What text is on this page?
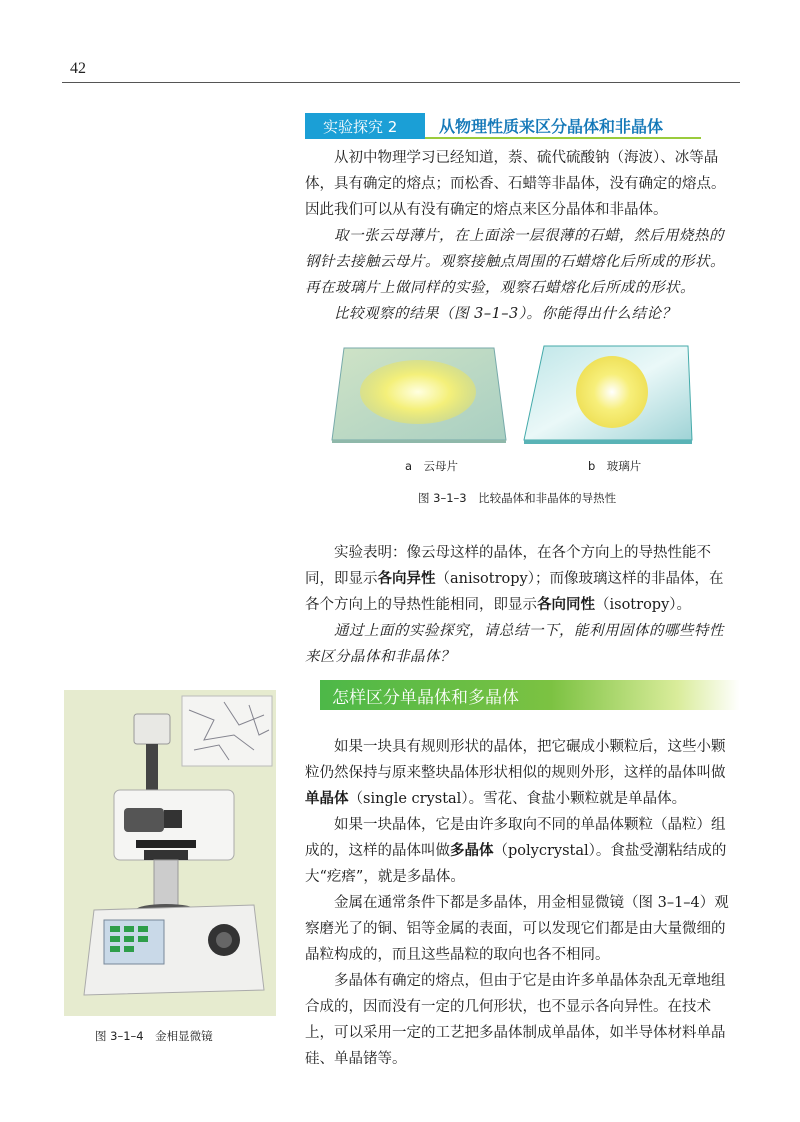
42
实验探究 2	从物理性质来区分晶体和非晶体

从初中物理学习已经知道，萘、硫代硫酸钠（海波）、冰等晶体，具有确定的熔点；而松香、石蜡等非晶体，没有确定的熔点。因此我们可以从有没有确定的熔点来区分晶体和非晶体。

取一张云母薄片，在上面涂一层很薄的石蜡，然后用烧热的钢针去接触云母片。观察接触点周围的石蜡熔化后所成的形状。再在玻璃片上做同样的实验，观察石蜡熔化后所成的形状。

比较观察的结果（图 3–1–3）。你能得出什么结论？

a　云母片	b　玻璃片
图 3–1–3　比较晶体和非晶体的导热性

实验表明：像云母这样的晶体，在各个方向上的导热性能不同，即显示各向异性（anisotropy）；而像玻璃这样的非晶体，在各个方向上的导热性能相同，即显示各向同性（isotropy）。

通过上面的实验探究，请总结一下，能利用固体的哪些特性来区分晶体和非晶体？

怎样区分单晶体和多晶体

如果一块具有规则形状的晶体，把它碾成小颗粒后，这些小颗粒仍然保持与原来整块晶体形状相似的规则外形，这样的晶体叫做单晶体（single crystal）。雪花、食盐小颗粒就是单晶体。

如果一块晶体，它是由许多取向不同的单晶体颗粒（晶粒）组成的，这样的晶体叫做多晶体（polycrystal）。食盐受潮粘结成的大“疙瘩”，就是多晶体。

金属在通常条件下都是多晶体，用金相显微镜（图 3–1–4）观察磨光了的铜、铝等金属的表面，可以发现它们都是由大量微细的晶粒构成的，而且这些晶粒的取向也各不相同。

多晶体有确定的熔点，但由于它是由许多单晶体杂乱无章地组合成的，因而没有一定的几何形状，也不显示各向异性。在技术上，可以采用一定的工艺把多晶体制成单晶体，如半导体材料单晶硅、单晶锗等。

图 3–1–4　金相显微镜
